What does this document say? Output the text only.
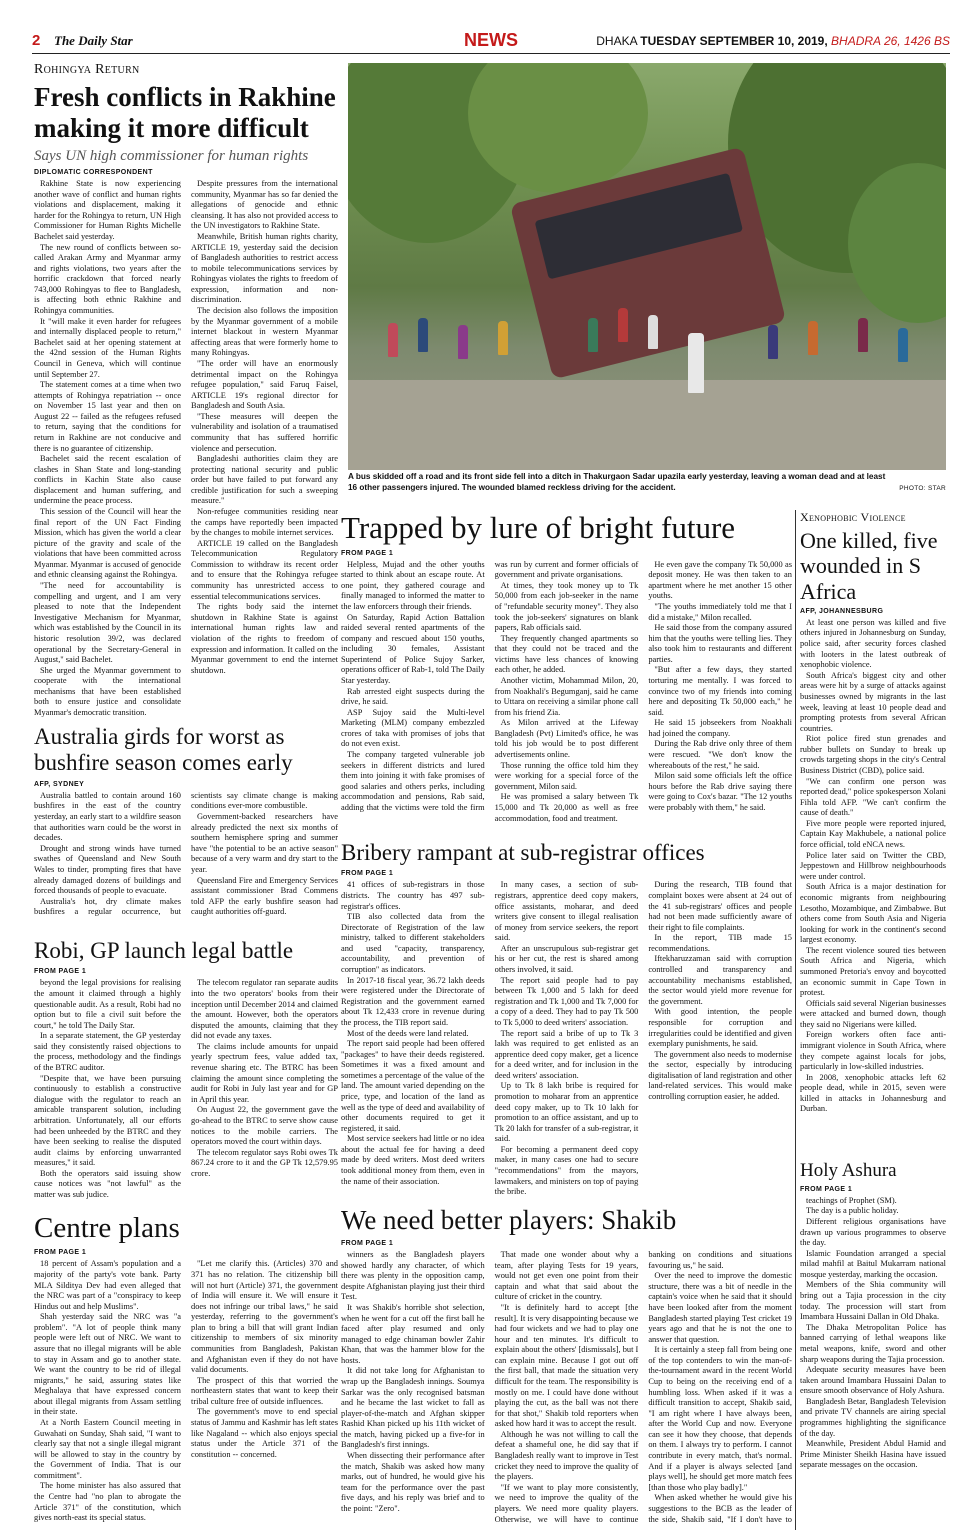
2 The Daily Star	NEWS	DHAKA TUESDAY SEPTEMBER 10, 2019, BHADRA 26, 1426 BS
Rohingya Return
Fresh conflicts in Rakhine making it more difficult
Says UN high commissioner for human rights
DIPLOMATIC CORRESPONDENT

Rakhine State is now experiencing another wave of conflict and human rights violations and displacement, making it harder for the Rohingya to return, UN High Commissioner for Human Rights Michelle Bachelet said yesterday.

The new round of conflicts between so-called Arakan Army and Myanmar army and rights violations, two years after the horrific crackdown that forced nearly 743,000 Rohingyas to flee to Bangladesh, is affecting both ethnic Rakhine and Rohingya communities.

It "will make it even harder for refugees and internally displaced people to return," Bachelet said at her opening statement at the 42nd session of the Human Rights Council in Geneva, which will continue until September 27.

The statement comes at a time when two attempts of Rohingya repatriation -- once on November 15 last year and then on August 22 -- failed as the refugees refused to return, saying that the conditions for return in Rakhine are not conducive and there is no guarantee of citizenship.

Bachelet said the recent escalation of clashes in Shan State and long-standing conflicts in Kachin State also cause displacement and human suffering, and undermine the peace process.

This session of the Council will hear the final report of the UN Fact Finding Mission, which has given the world a clear picture of the gravity and scale of the violations that have been committed across Myanmar. Myanmar is accused of genocide and ethnic cleansing against the Rohingya.

"The need for accountability is compelling and urgent, and I am very pleased to note that the Independent Investigative Mechanism for Myanmar, which was established by the Council in its historic resolution 39/2, was declared operational by the Secretary-General in August," said Bachelet.

She urged the Myanmar government to cooperate with the international mechanisms that have been established both to ensure justice and consolidate Myanmar's democratic transition.

Despite pressures from the international community, Myanmar has so far denied the allegations of genocide and ethnic cleansing. It has also not provided access to the UN investigators to Rakhine State.

Meanwhile, British human rights charity, ARTICLE 19, yesterday said the decision of Bangladesh authorities to restrict access to mobile telecommunications services by Rohingyas violates the rights to freedom of expression, information and non-discrimination.

The decision also follows the imposition by the Myanmar government of a mobile internet blackout in western Myanmar affecting areas that were formerly home to many Rohingyas.

"The order will have an enormously detrimental impact on the Rohingya refugee population," said Faruq Faisel, ARTICLE 19's regional director for Bangladesh and South Asia.

"These measures will deepen the vulnerability and isolation of a traumatised community that has suffered horrific violence and persecution.

Bangladeshi authorities claim they are protecting national security and public order but have failed to put forward any credible justification for such a sweeping measure."

Non-refugee communities residing near the camps have reportedly been impacted by the changes to mobile internet services.

ARTICLE 19 called on the Bangladesh Telecommunication Regulatory Commission to withdraw its recent order and to ensure that the Rohingya refugee community has unrestricted access to essential telecommunications services.

The rights body said the internet shutdown in Rakhine State is against international human rights law and violation of the rights to freedom of expression and information. It called on the Myanmar government to end the internet shutdown.

A bus skidded off a road and its front side fell into a ditch in Thakurgaon Sadar upazila early yesterday, leaving a woman dead and at least 16 other passengers injured. The wounded blamed reckless driving for the accident.	PHOTO: STAR
Trapped by lure of bright future
FROM PAGE 1

Helpless, Mujad and the other youths started to think about an escape route. At one point, they gathered courage and finally managed to informed the matter to the law enforcers through their friends.

On Saturday, Rapid Action Battalion raided several rented apartments of the company and rescued about 150 youths, including 30 females, Assistant Superintend of Police Sujoy Sarker, operations officer of Rab-1, told The Daily Star yesterday.

Rab arrested eight suspects during the drive, he said.

ASP Sujoy said the Multi-level Marketing (MLM) company embezzled crores of taka with promises of jobs that do not even exist.

The company targeted vulnerable job seekers in different districts and lured them into joining it with fake promises of good salaries and others perks, including accommodation and pensions, Rab said, adding that the victims were told the firm was run by current and former officials of government and private organisations.

At times, they took money up to Tk 50,000 from each job-seeker in the name of "refundable security money". They also took the job-seekers' signatures on blank papers, Rab officials said.

They frequently changed apartments so that they could not be traced and the victims have less chances of knowing each other, he added.

Another victim, Mohammad Milon, 20, from Noakhali's Begumganj, said he came to Uttara on receiving a similar phone call from his friend Zia.

As Milon arrived at the Lifeway Bangladesh (Pvt) Limited's office, he was told his job would be to post different advertisements online.

Those running the office told him they were working for a special force of the government, Milon said.

He was promised a salary between Tk 15,000 and Tk 20,000 as well as free accommodation, food and treatment.

He even gave the company Tk 50,000 as deposit money. He was then taken to an apartment where he met another 15 other youths.

"The youths immediately told me that I did a mistake," Milon recalled.

He said those from the company assured him that the youths were telling lies. They also took him to restaurants and different parties.

"But after a few days, they started torturing me mentally. I was forced to convince two of my friends into coming here and depositing Tk 50,000 each," he said.

He said 15 jobseekers from Noakhali had joined the company.

During the Rab drive only three of them were rescued. "We don't know the whereabouts of the rest," he said.

Milon said some officials left the office hours before the Rab drive saying there were going to Cox's bazar. "The 12 youths were probably with them," he said.

Xenophobic Violence
One killed, five wounded in S Africa
AFP, JOHANNESBURG

At least one person was killed and five others injured in Johannesburg on Sunday, police said, after security forces clashed with looters in the latest outbreak of xenophobic violence.

South Africa's biggest city and other areas were hit by a surge of attacks against businesses owned by migrants in the last week, leaving at least 10 people dead and prompting protests from several African countries.

Riot police fired stun grenades and rubber bullets on Sunday to break up crowds targeting shops in the city's Central Business District (CBD), police said.

"We can confirm one person was reported dead," police spokesperson Xolani Fihla told AFP. "We can't confirm the cause of death."

Five more people were reported injured, Captain Kay Makhubele, a national police force official, told eNCA news.

Police later said on Twitter the CBD, Jeppestown and Hillbrow neighbourhoods were under control.

South Africa is a major destination for economic migrants from neighbouring Lesotho, Mozambique, and Zimbabwe. But others come from South Asia and Nigeria looking for work in the continent's second largest economy.

The recent violence soured ties between South Africa and Nigeria, which summoned Pretoria's envoy and boycotted an economic summit in Cape Town in protest.

Officials said several Nigerian businesses were attacked and burned down, though they said no Nigerians were killed.

Foreign workers often face anti-immigrant violence in South Africa, where they compete against locals for jobs, particularly in low-skilled industries.

In 2008, xenophobic attacks left 62 people dead, while in 2015, seven were killed in attacks in Johannesburg and Durban.

Australia girds for worst as bushfire season comes early
AFP, SYDNEY

Australia battled to contain around 160 bushfires in the east of the country yesterday, an early start to a wildfire season that authorities warn could be the worst in decades.

Drought and strong winds have turned swathes of Queensland and New South Wales to tinder, prompting fires that have already damaged dozens of buildings and forced thousands of people to evacuate.

Australia's hot, dry climate makes bushfires a regular occurrence, but scientists say climate change is making conditions ever-more combustible.

Government-backed researchers have already predicted the next six months of southern hemisphere spring and summer have "the potential to be an active season" because of a very warm and dry start to the year.

Queensland Fire and Emergency Services assistant commissioner Brad Commens told AFP the early bushfire season had caught authorities off-guard.

Bribery rampant at sub-registrar offices
FROM PAGE 1

41 offices of sub-registrars in those districts. The country has 497 sub-registrar's offices.

TIB also collected data from the Directorate of Registration of the law ministry, talked to different stakeholders and used "capacity, transparency, accountability, and prevention of corruption" as indicators.

In 2017-18 fiscal year, 36.72 lakh deeds were registered under the Directorate of Registration and the government earned about Tk 12,433 crore in revenue during the process, the TIB report said.

Most of the deeds were land related.

The report said people had been offered "packages" to have their deeds registered. Sometimes it was a fixed amount and sometimes a percentage of the value of the land. The amount varied depending on the price, type, and location of the land as well as the type of deed and availability of other documents required to get it registered, it said.

Most service seekers had little or no idea about the actual fee for having a deed made by deed writers. Most deed writers took additional money from them, even in the name of their association.

In many cases, a section of sub-registrars, apprentice deed copy makers, office assistants, moharar, and deed writers give consent to illegal realisation of money from service seekers, the report said.

After an unscrupulous sub-registrar get his or her cut, the rest is shared among others involved, it said.

The report said people had to pay between Tk 1,000 and 5 lakh for deed registration and Tk 1,000 and Tk 7,000 for a copy of a deed. They had to pay Tk 500 to Tk 5,000 to deed writers' association.

The report said a bribe of up to Tk 3 lakh was required to get enlisted as an apprentice deed copy maker, get a licence for a deed writer, and for inclusion in the deed writers' association.

Up to Tk 8 lakh bribe is required for promotion to moharar from an apprentice deed copy maker, up to Tk 10 lakh for promotion to an office assistant, and up to Tk 20 lakh for transfer of a sub-registrar, it said.

For becoming a permanent deed copy maker, in many cases one had to secure "recommendations" from the mayors, lawmakers, and ministers on top of paying the bribe.

During the research, TIB found that complaint boxes were absent at 24 out of the 41 sub-registrars' offices and people had not been made sufficiently aware of their right to file complaints.

In the report, TIB made 15 recommendations.

Iftekharuzzaman said with corruption controlled and transparency and accountability mechanisms established, the sector would yield more revenue for the government.

With good intention, the people responsible for corruption and irregularities could be identified and given exemplary punishments, he said.

The government also needs to modernise the sector, especially by introducing digitalisation of land registration and other land-related services. This would make controlling corruption easier, he added.

Robi, GP launch legal battle
FROM PAGE 1

beyond the legal provisions for realising the amount it claimed through a highly questionable audit. As a result, Robi had no option but to file a civil suit before the court," he told The Daily Star.

In a separate statement, the GP yesterday said they consistently raised objections to the process, methodology and the findings of the BTRC auditor.

"Despite that, we have been pursuing continuously to establish a constructive dialogue with the regulator to reach an amicable transparent solution, including arbitration. Unfortunately, all our efforts had been unheeded by the BTRC and they have been seeking to realise the disputed audit claims by enforcing unwarranted measures," it said.

Both the operators said issuing show cause notices was "not lawful" as the matter was sub judice.

The telecom regulator ran separate audits into the two operators' books from their inception until December 2014 and claimed the amount. However, both the operators disputed the amounts, claiming that they did not evade any taxes.

The claims include amounts for unpaid yearly spectrum fees, value added tax, revenue sharing etc. The BTRC has been claiming the amount since completing the audit for Robi in July last year and for GP in April this year.

On August 22, the government gave the go-ahead to the BTRC to serve show cause notices to the mobile carriers. The operators moved the court within days.

The telecom regulator says Robi owes Tk 867.24 crore to it and the GP Tk 12,579.95 crore.	Holy Ashura
FROM PAGE 1

teachings of Prophet (SM).

The day is a public holiday.

Different religious organisations have drawn up various programmes to observe the day.

Islamic Foundation arranged a special milad mahfil at Baitul Mukarram national mosque yesterday, marking the occasion.

Members of the Shia community will bring out a Tajia procession in the city today. The procession will start from Imambara Hussaini Dallan in Old Dhaka.

The Dhaka Metropolitan Police has banned carrying of lethal weapons like metal weapons, knife, sword and other sharp weapons during the Tajia procession.

Adequate security measures have been taken around Imambara Hussaini Dalan to ensure smooth observance of Holy Ashura.

Bangladesh Betar, Bangladesh Television and private TV channels are airing special programmes highlighting the significance of the day.

Meanwhile, President Abdul Hamid and Prime Minister Sheikh Hasina have issued separate messages on the occasion.

Centre plans
FROM PAGE 1

18 percent of Assam's population and a majority of the party's vote bank. Party MLA Silditya Dev had even alleged that the NRC was part of a "conspiracy to keep Hindus out and help Muslims".

Shah yesterday said the NRC was "a problem". "A lot of people think many people were left out of NRC. We want to assure that no illegal migrants will be able to stay in Assam and go to another state. We want the country to be rid of illegal migrants," he said, assuring states like Meghalaya that have expressed concern about illegal migrants from Assam settling in their state.

At a North Eastern Council meeting in Guwahati on Sunday, Shah said, "I want to clearly say that not a single illegal migrant will be allowed to stay in the country by the Government of India. That is our commitment".

The home minister has also assured that the Centre had "no plan to abrogate the Article 371" of the constitution, which gives north-east its special status.

"Let me clarify this. (Articles) 370 and 371 has no relation. The citizenship bill will not hurt (Article) 371, the government of India will ensure it. We will ensure it does not infringe our tribal laws," he said yesterday, referring to the government's plan to bring a bill that will grant Indian citizenship to members of six minority communities from Bangladesh, Pakistan and Afghanistan even if they do not have valid documents.

The prospect of this that worried the northeastern states that want to keep their tribal culture free of outside influences.

The government's move to end special status of Jammu and Kashmir has left states like Nagaland -- which also enjoys special status under the Article 371 of the constitution -- concerned.

We need better players: Shakib
FROM PAGE 1

winners as the Bangladesh players showed hardly any character, of which there was plenty in the opposition camp, despite Afghanistan playing just their third Test.

It was Shakib's horrible shot selection, when he went for a cut off the first ball he faced after play resumed and only managed to edge chinaman bowler Zahir Khan, that was the hammer blow for the hosts.

It did not take long for Afghanistan to wrap up the Bangladesh innings. Soumya Sarkar was the only recognised batsman and he became the last wicket to fall as player-of-the-match and Afghan skipper Rashid Khan picked up his 11th wicket of the match, having picked up a five-for in Bangladesh's first innings.

When dissecting their performance after the match, Shakib was asked how many marks, out of hundred, he would give his team for the performance over the past five days, and his reply was brief and to the point: "Zero".

That made one wonder about why a team, after playing Tests for 19 years, would not get even one point from their captain and what that said about the culture of cricket in the country.

"It is definitely hard to accept [the result]. It is very disappointing because we had four wickets and we had to play one hour and ten minutes. It's difficult to explain about the others' [dismissals], but I can explain mine. Because I got out off the first ball, that made the situation very difficult for the team. The responsibility is mostly on me. I could have done without playing the cut, as the ball was not there for that shot," Shakib told reporters when asked how hard it was to accept the result.

Although he was not willing to call the defeat a shameful one, he did say that if Bangladesh really want to improve in Test cricket they need to improve the quality of the players.

"If we want to play more consistently, we need to improve the quality of the players. We need more quality players. Otherwise, we will have to continue banking on conditions and situations favouring us," he said.

Over the need to improve the domestic structure, there was a bit of needle in the captain's voice when he said that it should have been looked after from the moment Bangladesh started playing Test cricket 19 years ago and that he is not the one to answer that question.

It is certainly a steep fall from being one of the top contenders to win the man-of-the-tournament award in the recent World Cup to being on the receiving end of a humbling loss. When asked if it was a difficult transition to accept, Shakib said, "I am right where I have always been, after the World Cup and now. Everyone can see it how they choose, that depends on them. I always try to perform. I cannot contribute in every match, that's normal. And if a player is always selected [and plays well], he should get more match fees [than those who play badly]."

When asked whether he would give his suggestions to the BCB as the leader of the side, Shakib said, "If I don't have to
